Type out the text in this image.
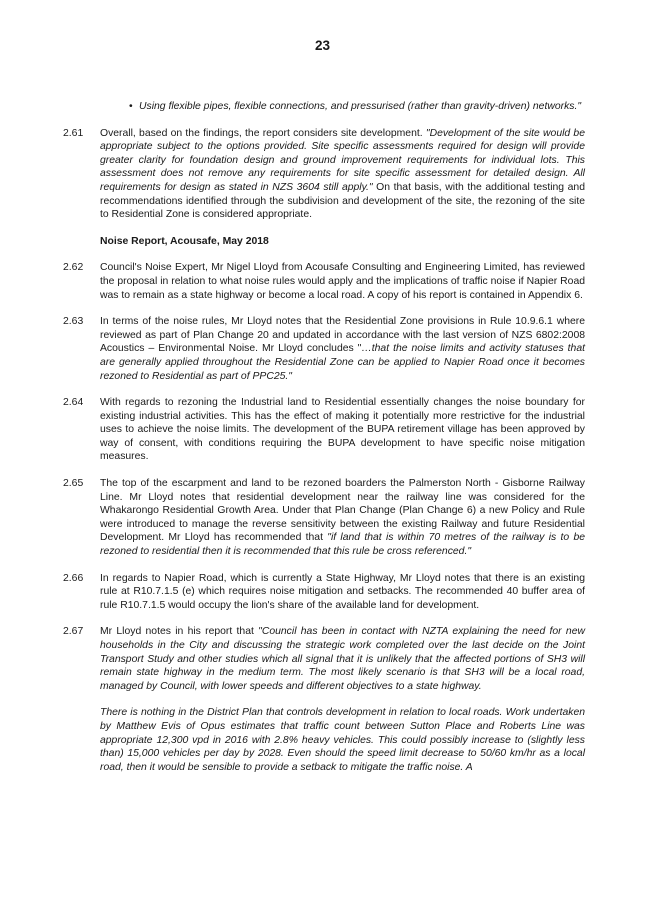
23
• Using flexible pipes, flexible connections, and pressurised (rather than gravity-driven) networks."
2.61	Overall, based on the findings, the report considers site development. "Development of the site would be appropriate subject to the options provided. Site specific assessments required for design will provide greater clarity for foundation design and ground improvement requirements for individual lots. This assessment does not remove any requirements for site specific assessment for detailed design. All requirements for design as stated in NZS 3604 still apply." On that basis, with the additional testing and recommendations identified through the subdivision and development of the site, the rezoning of the site to Residential Zone is considered appropriate.
Noise Report, Acousafe, May 2018
2.62	Council's Noise Expert, Mr Nigel Lloyd from Acousafe Consulting and Engineering Limited, has reviewed the proposal in relation to what noise rules would apply and the implications of traffic noise if Napier Road was to remain as a state highway or become a local road. A copy of his report is contained in Appendix 6.
2.63	In terms of the noise rules, Mr Lloyd notes that the Residential Zone provisions in Rule 10.9.6.1 where reviewed as part of Plan Change 20 and updated in accordance with the last version of NZS 6802:2008 Acoustics – Environmental Noise. Mr Lloyd concludes "…that the noise limits and activity statuses that are generally applied throughout the Residential Zone can be applied to Napier Road once it becomes rezoned to Residential as part of PPC25."
2.64	With regards to rezoning the Industrial land to Residential essentially changes the noise boundary for existing industrial activities. This has the effect of making it potentially more restrictive for the industrial uses to achieve the noise limits. The development of the BUPA retirement village has been approved by way of consent, with conditions requiring the BUPA development to have specific noise mitigation measures.
2.65	The top of the escarpment and land to be rezoned boarders the Palmerston North - Gisborne Railway Line. Mr Lloyd notes that residential development near the railway line was considered for the Whakarongo Residential Growth Area. Under that Plan Change (Plan Change 6) a new Policy and Rule were introduced to manage the reverse sensitivity between the existing Railway and future Residential Development. Mr Lloyd has recommended that "if land that is within 70 metres of the railway is to be rezoned to residential then it is recommended that this rule be cross referenced."
2.66	In regards to Napier Road, which is currently a State Highway, Mr Lloyd notes that there is an existing rule at R10.7.1.5 (e) which requires noise mitigation and setbacks. The recommended 40 buffer area of rule R10.7.1.5 would occupy the lion's share of the available land for development.
2.67	Mr Lloyd notes in his report that "Council has been in contact with NZTA explaining the need for new households in the City and discussing the strategic work completed over the last decide on the Joint Transport Study and other studies which all signal that it is unlikely that the affected portions of SH3 will remain state highway in the medium term. The most likely scenario is that SH3 will be a local road, managed by Council, with lower speeds and different objectives to a state highway.
There is nothing in the District Plan that controls development in relation to local roads. Work undertaken by Matthew Evis of Opus estimates that traffic count between Sutton Place and Roberts Line was appropriate 12,300 vpd in 2016 with 2.8% heavy vehicles. This could possibly increase to (slightly less than) 15,000 vehicles per day by 2028. Even should the speed limit decrease to 50/60 km/hr as a local road, then it would be sensible to provide a setback to mitigate the traffic noise. A
